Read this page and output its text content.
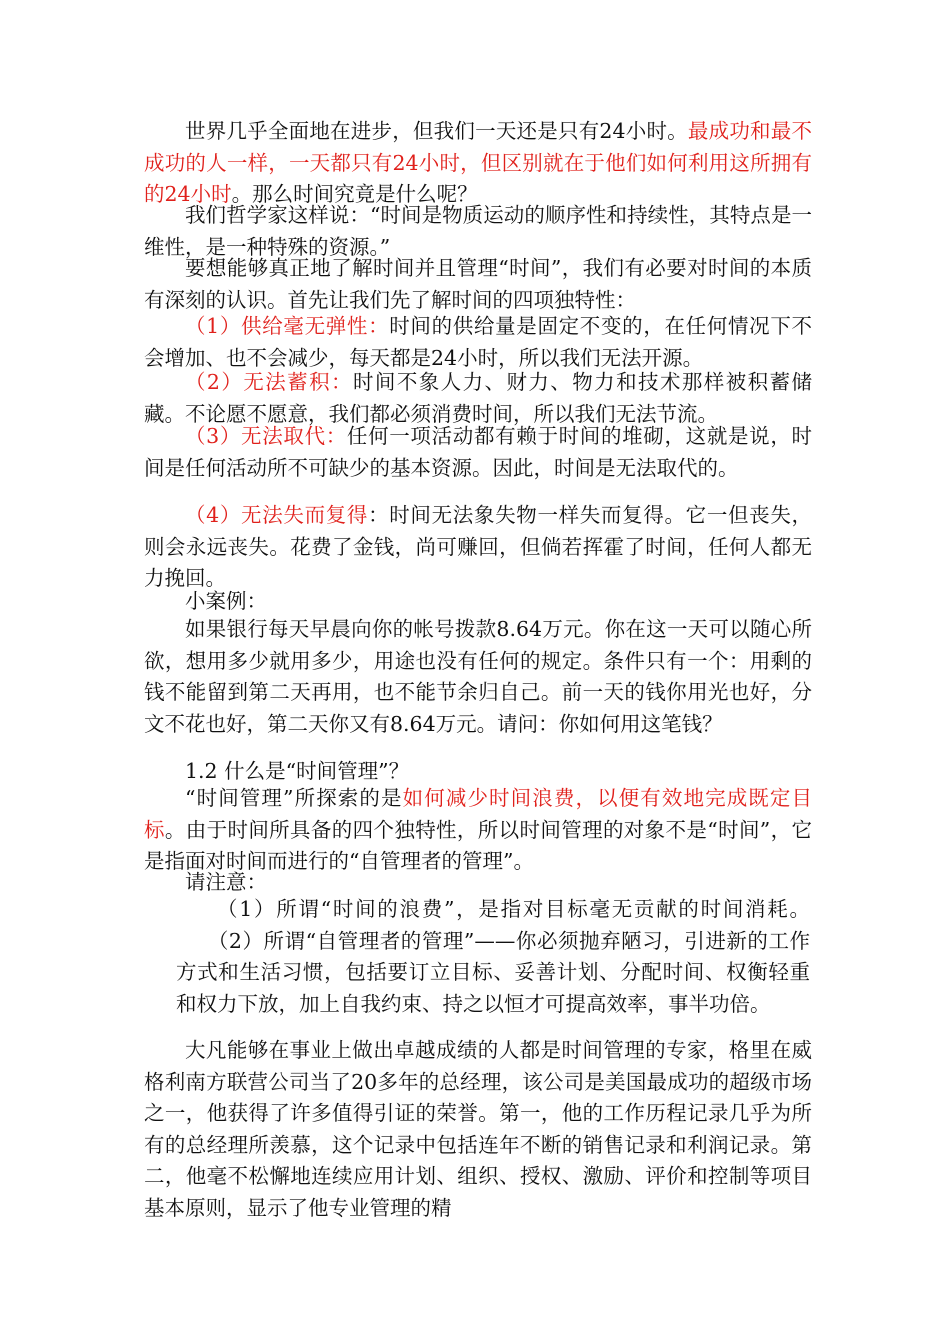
世界几乎全面地在进步，但我们一天还是只有24小时。最成功和最不成功的人一样，一天都只有24小时，但区别就在于他们如何利用这所拥有的24小时。那么时间究竟是什么呢？

我们哲学家这样说：“时间是物质运动的顺序性和持续性，其特点是一维性，是一种特殊的资源。”

要想能够真正地了解时间并且管理“时间”，我们有必要对时间的本质有深刻的认识。首先让我们先了解时间的四项独特性：

（1）供给毫无弹性：时间的供给量是固定不变的，在任何情况下不会增加、也不会减少，每天都是24小时，所以我们无法开源。

（2）无法蓄积：时间不象人力、财力、物力和技术那样被积蓄储藏。不论愿不愿意，我们都必须消费时间，所以我们无法节流。

（3）无法取代：任何一项活动都有赖于时间的堆砌，这就是说，时间是任何活动所不可缺少的基本资源。因此，时间是无法取代的。

（4）无法失而复得：时间无法象失物一样失而复得。它一但丧失，则会永远丧失。花费了金钱，尚可赚回，但倘若挥霍了时间，任何人都无力挽回。

小案例：

如果银行每天早晨向你的帐号拨款8.64万元。你在这一天可以随心所欲，想用多少就用多少，用途也没有任何的规定。条件只有一个：用剩的钱不能留到第二天再用，也不能节余归自己。前一天的钱你用光也好，分文不花也好，第二天你又有8.64万元。请问：你如何用这笔钱？

1.2 什么是“时间管理”？

“时间管理”所探索的是如何减少时间浪费，以便有效地完成既定目标。由于时间所具备的四个独特性，所以时间管理的对象不是“时间”，它是指面对时间而进行的“自管理者的管理”。

请注意：

（1）所谓“时间的浪费”，是指对目标毫无贡献的时间消耗。 　　（2）所谓“自管理者的管理”——你必须抛弃陋习，引进新的工作方式和生活习惯，包括要订立目标、妥善计划、分配时间、权衡轻重和权力下放，加上自我约束、持之以恒才可提高效率，事半功倍。

大凡能够在事业上做出卓越成绩的人都是时间管理的专家，格里在威格利南方联营公司当了20多年的总经理，该公司是美国最成功的超级市场之一，他获得了许多值得引证的荣誉。第一，他的工作历程记录几乎为所有的总经理所羡慕，这个记录中包括连年不断的销售记录和利润记录。第二，他毫不松懈地连续应用计划、组织、授权、激励、评价和控制等项目基本原则，显示了他专业管理的精
